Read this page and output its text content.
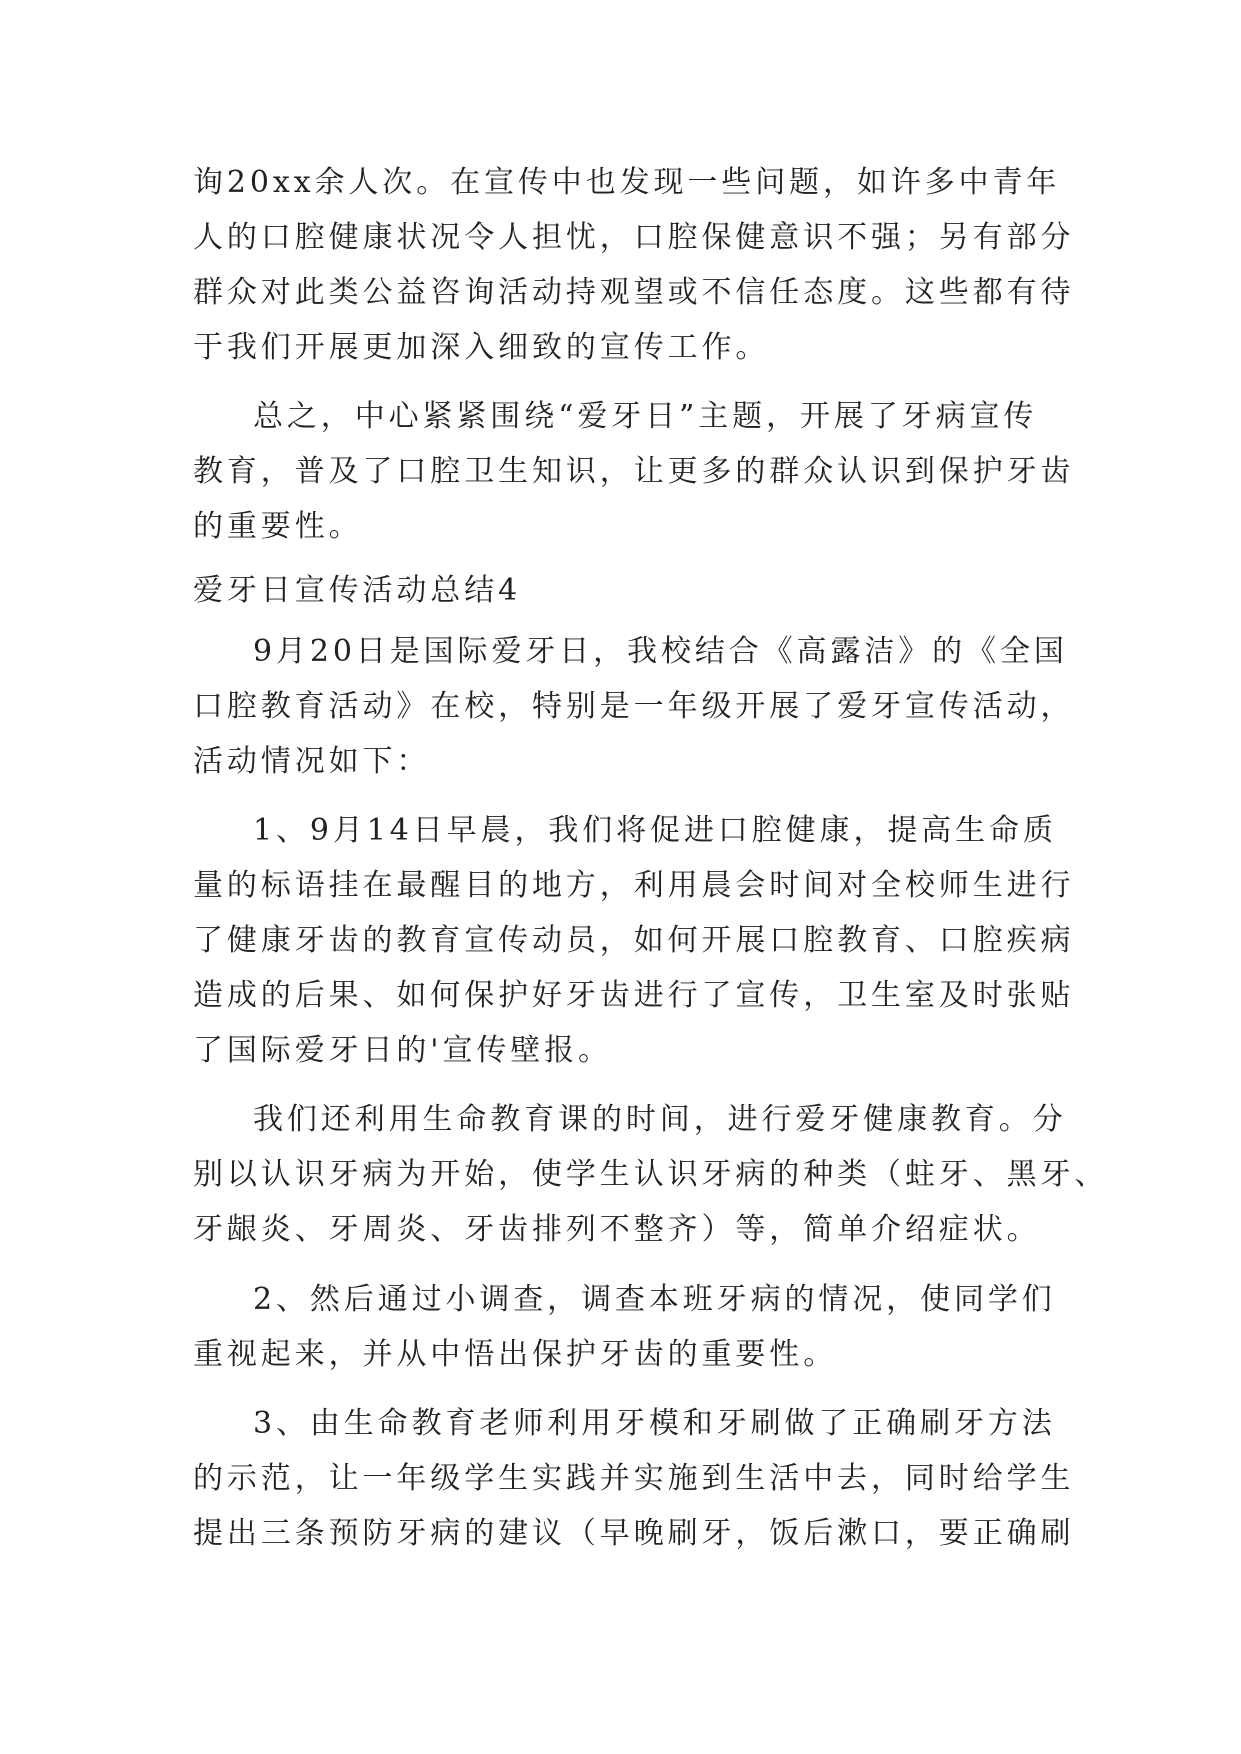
询20xx余人次。在宣传中也发现一些问题，如许多中青年
人的口腔健康状况令人担忧，口腔保健意识不强；另有部分
群众对此类公益咨询活动持观望或不信任态度。这些都有待
于我们开展更加深入细致的宣传工作。
总之，中心紧紧围绕“爱牙日”主题，开展了牙病宣传
教育，普及了口腔卫生知识，让更多的群众认识到保护牙齿
的重要性。
爱牙日宣传活动总结4
9月20日是国际爱牙日，我校结合《高露洁》的《全国
口腔教育活动》在校，特别是一年级开展了爱牙宣传活动，
活动情况如下：
1、9月14日早晨，我们将促进口腔健康，提高生命质
量的标语挂在最醒目的地方，利用晨会时间对全校师生进行
了健康牙齿的教育宣传动员，如何开展口腔教育、口腔疾病
造成的后果、如何保护好牙齿进行了宣传，卫生室及时张贴
了国际爱牙日的'宣传壁报。
我们还利用生命教育课的时间，进行爱牙健康教育。分
别以认识牙病为开始，使学生认识牙病的种类（蛀牙、黑牙、
牙龈炎、牙周炎、牙齿排列不整齐）等，简单介绍症状。
2、然后通过小调查，调查本班牙病的情况，使同学们
重视起来，并从中悟出保护牙齿的重要性。
3、由生命教育老师利用牙模和牙刷做了正确刷牙方法
的示范，让一年级学生实践并实施到生活中去，同时给学生
提出三条预防牙病的建议（早晚刷牙，饭后漱口，要正确刷
